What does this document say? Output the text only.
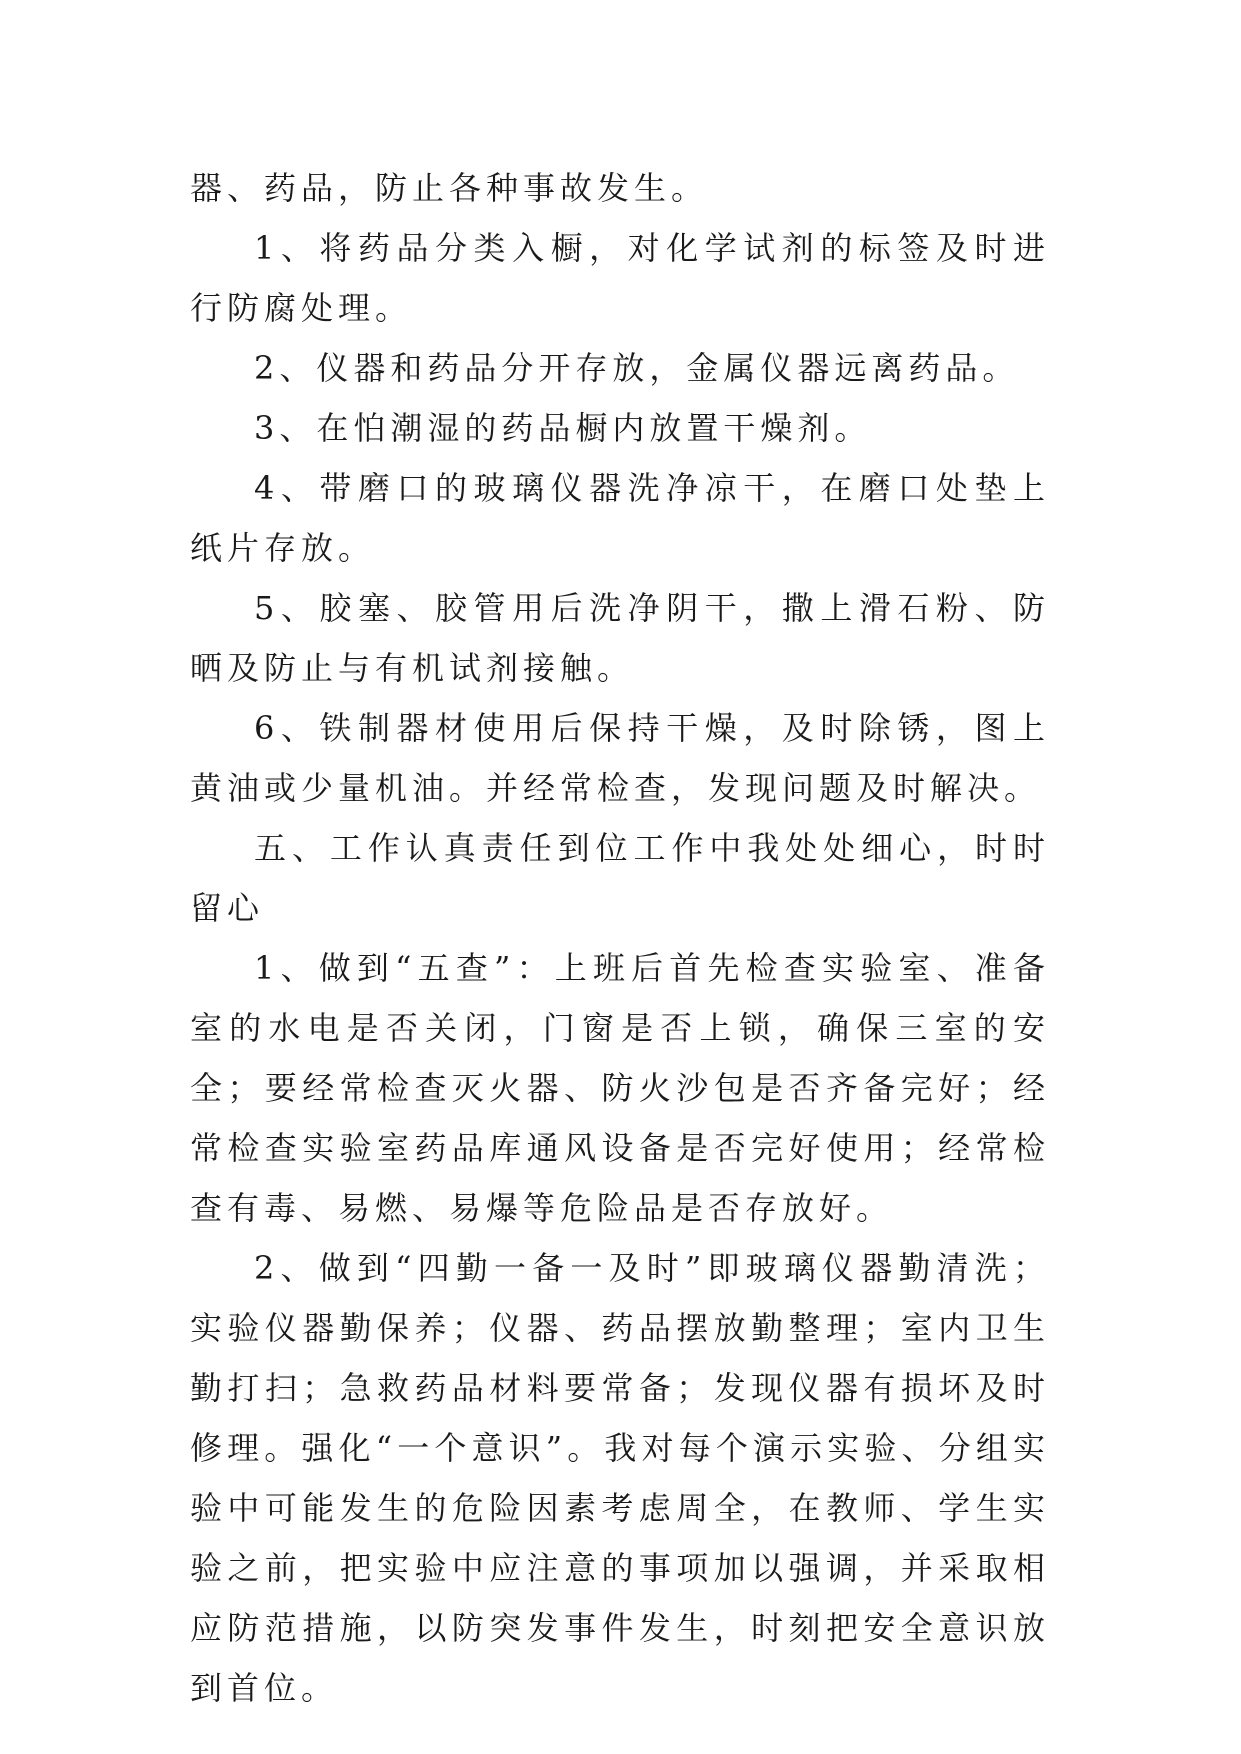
器、药品，防止各种事故发生。

1、将药品分类入橱，对化学试剂的标签及时进行防腐处理。

2、仪器和药品分开存放，金属仪器远离药品。

3、在怕潮湿的药品橱内放置干燥剂。

4、带磨口的玻璃仪器洗净凉干，在磨口处垫上纸片存放。

5、胶塞、胶管用后洗净阴干，撒上滑石粉、防晒及防止与有机试剂接触。

6、铁制器材使用后保持干燥，及时除锈，图上黄油或少量机油。并经常检查，发现问题及时解决。

五、工作认真责任到位工作中我处处细心，时时留心

1、做到“五查”：上班后首先检查实验室、准备室的水电是否关闭，门窗是否上锁，确保三室的安全；要经常检查灭火器、防火沙包是否齐备完好；经常检查实验室药品库通风设备是否完好使用；经常检查有毒、易燃、易爆等危险品是否存放好。

2、做到“四勤一备一及时”即玻璃仪器勤清洗；实验仪器勤保养；仪器、药品摆放勤整理；室内卫生勤打扫；急救药品材料要常备；发现仪器有损坏及时修理。强化“一个意识”。我对每个演示实验、分组实验中可能发生的危险因素考虑周全，在教师、学生实验之前，把实验中应注意的事项加以强调，并采取相应防范措施，以防突发事件发生，时刻把安全意识放到首位。
